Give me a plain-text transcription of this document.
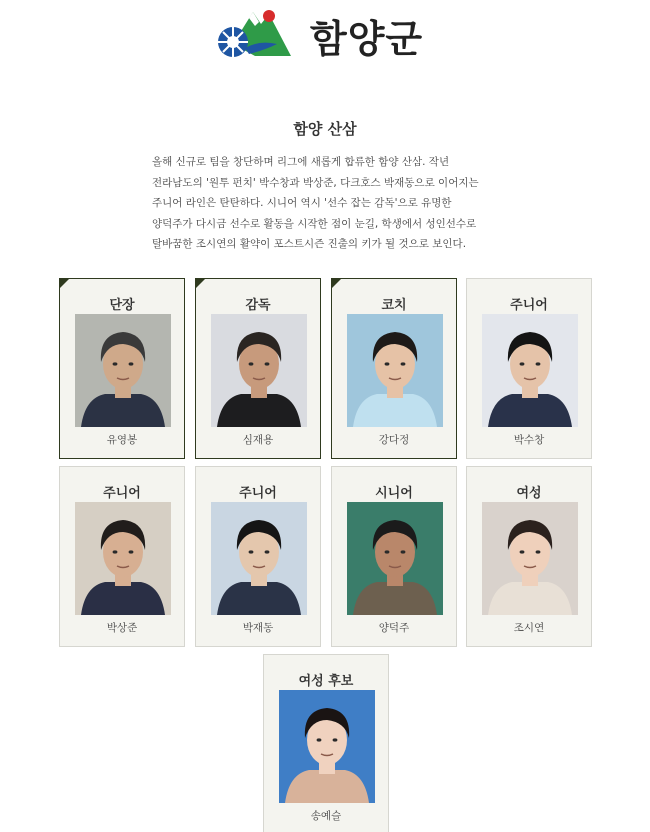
함양군
함양 산삼

올해 신규로 팀을 창단하며 리그에 새롭게 합류한 함양 산삼. 작년

전라남도의 '원투 펀치' 박수창과 박상준, 다크호스 박재동으로 이어지는

주니어 라인은 탄탄하다. 시니어 역시 '선수 잡는 감독'으로 유명한

양덕주가 다시금 선수로 활동을 시작한 점이 눈길, 학생에서 성인선수로

탈바꿈한 조시연의 활약이 포스트시즌 진출의 키가 될 것으로 보인다.

단장
유영봉
감독
심재용
코치
강다정
주니어
박수창
주니어
박상준
주니어
박재동
시니어
양덕주
여성
조시연
여성 후보
송예슬
